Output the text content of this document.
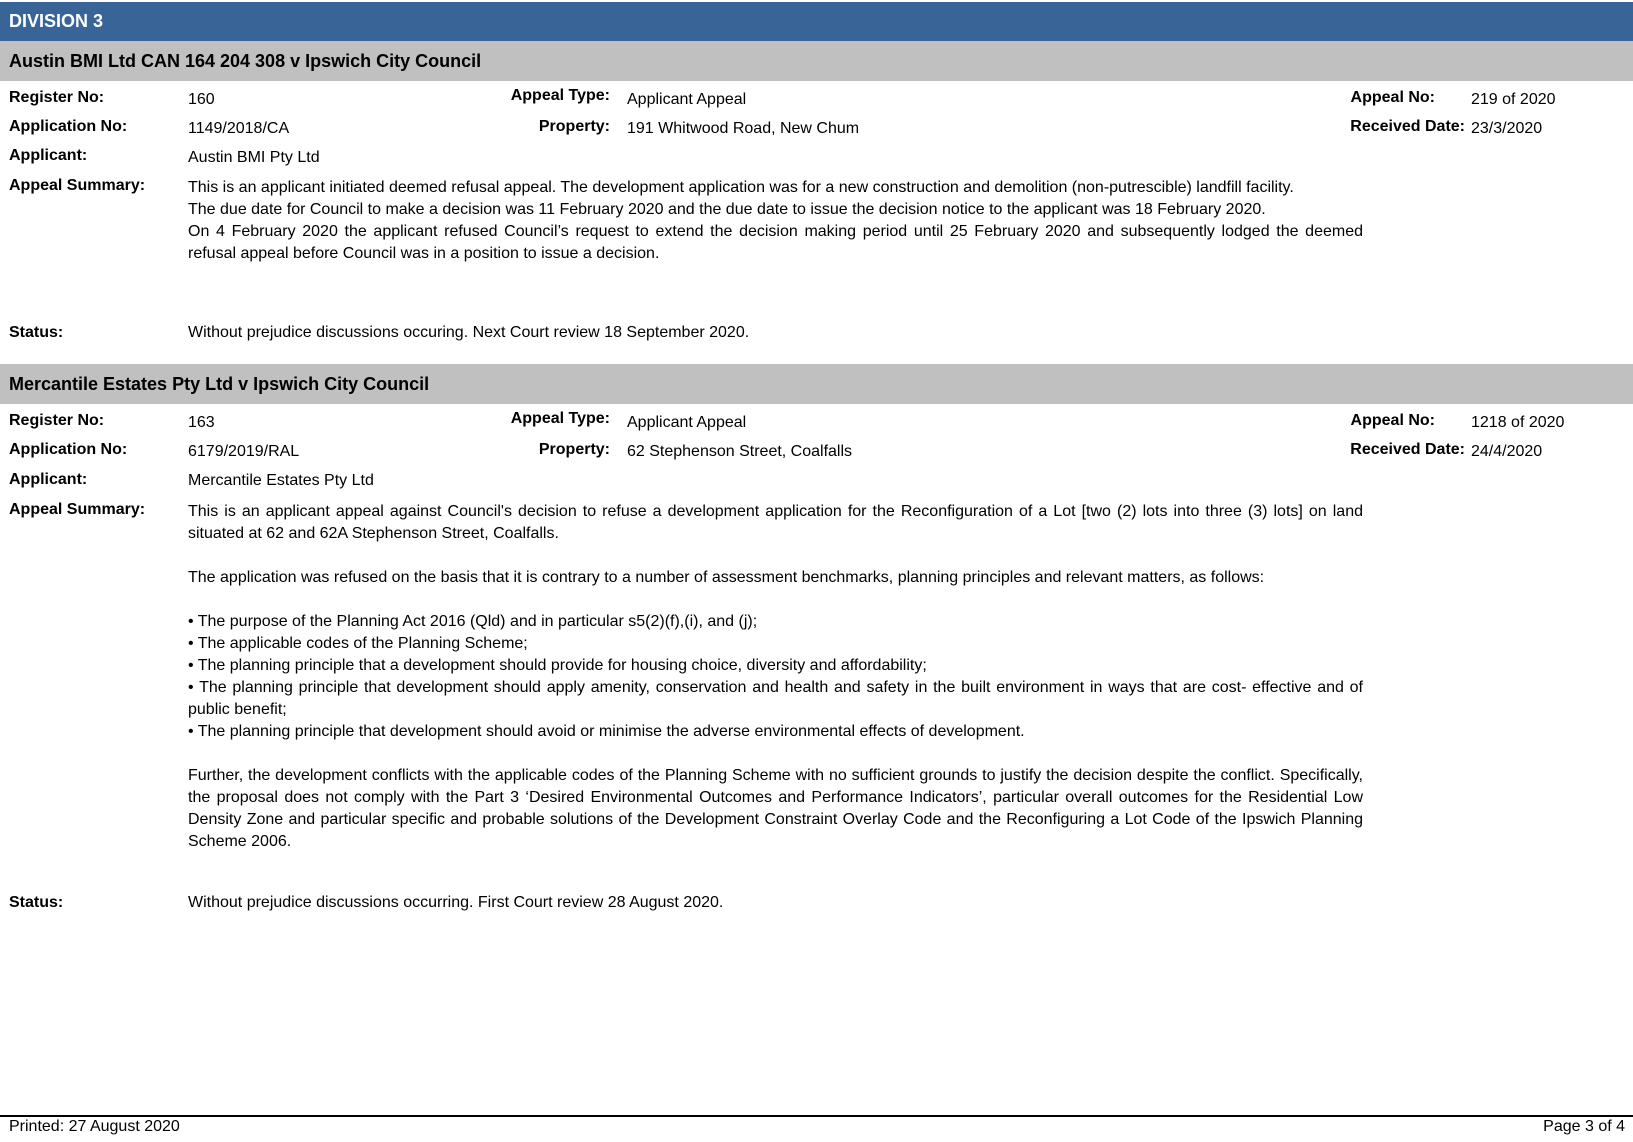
DIVISION 3
Austin BMI Ltd CAN 164 204 308 v Ipswich City Council
Register No:	160	Appeal Type: Applicant Appeal	Appeal No: 219 of 2020
Application No:	1149/2018/CA	Property: 191 Whitwood Road, New Chum	Received Date: 23/3/2020
Applicant:	Austin BMI Pty Ltd
Appeal Summary:	This is an applicant initiated deemed refusal appeal. The development application was for a new construction and demolition (non-putrescible) landfill facility.

The due date for Council to make a decision was 11 February 2020 and the due date to issue the decision notice to the applicant was 18 February 2020.

On 4 February 2020 the applicant refused Council’s request to extend the decision making period until 25 February 2020 and subsequently lodged the deemed refusal appeal before Council was in a position to issue a decision.

Status:	Without prejudice discussions occuring. Next Court review 18 September 2020.
Mercantile Estates Pty Ltd v Ipswich City Council
Register No:	163	Appeal Type: Applicant Appeal	Appeal No: 1218 of 2020
Application No:	6179/2019/RAL	Property: 62 Stephenson Street, Coalfalls	Received Date: 24/4/2020
Applicant:	Mercantile Estates Pty Ltd
Appeal Summary:	This is an applicant appeal against Council's decision to refuse a development application for the Reconfiguration of a Lot [two (2) lots into three (3) lots] on land situated at 62 and 62A Stephenson Street, Coalfalls.

The application was refused on the basis that it is contrary to a number of assessment benchmarks, planning principles and relevant matters, as follows:

• The purpose of the Planning Act 2016 (Qld) and in particular s5(2)(f),(i), and (j);

• The applicable codes of the Planning Scheme;

• The planning principle that a development should provide for housing choice, diversity and affordability;

• The planning principle that development should apply amenity, conservation and health and safety in the built environment in ways that are cost- effective and of public benefit;

• The planning principle that development should avoid or minimise the adverse environmental effects of development.

Further, the development conflicts with the applicable codes of the Planning Scheme with no sufficient grounds to justify the decision despite the conflict. Specifically, the proposal does not comply with the Part 3 ‘Desired Environmental Outcomes and Performance Indicators’, particular overall outcomes for the Residential Low Density Zone and particular specific and probable solutions of the Development Constraint Overlay Code and the Reconfiguring a Lot Code of the Ipswich Planning Scheme 2006.

Status:	Without prejudice discussions occurring. First Court review 28 August 2020.
Printed: 27 August 2020	Page 3 of 4
